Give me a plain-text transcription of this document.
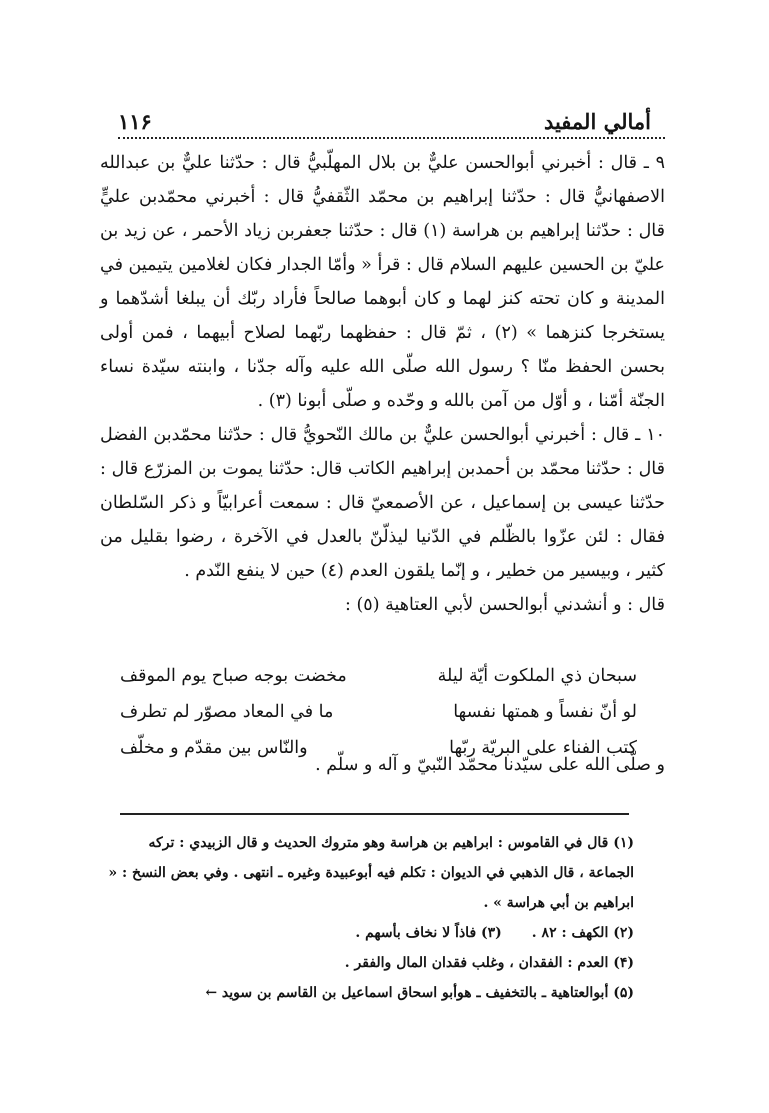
١١۶	أمالي المفيد

٩ ـ قال : أخبرني أبوالحسن عليٌّ بن بلال المهلّبيُّ قال : حدّثنا عليٌّ بن عبدالله الاصفهانيُّ قال : حدّثنا إبراهيم بن محمّد الثّقفيُّ قال : أخبرني محمّدبن عليٍّ قال : حدّثنا إبراهيم بن هراسة (١) قال : حدّثنا جعفربن زياد الأحمر ، عن زيد بن عليّ بن الحسين عليهم السلام قال : قرأ « وأمّا الجدار فكان لغلامين يتيمين في المدينة و كان تحته كنز لهما و كان أبوهما صالحاً فأراد ربّك أن يبلغا أشدّهما و يستخرجا كنزهما » (٢) ، ثمّ قال : حفظهما ربّهما لصلاح أبيهما ، فمن أولى بحسن الحفظ منّا ؟ رسول الله صلّى الله عليه وآله جدّنا ، وابنته سيّدة نساء الجنّة أمّنا ، و أوّل من آمن بالله و وحّده و صلّى أبونا (٣) .

١٠ ـ قال : أخبرني أبوالحسن عليٌّ بن مالك النّحويُّ قال : حدّثنا محمّدبن الفضل قال : حدّثنا محمّد بن أحمدبن إبراهيم الكاتب قال: حدّثنا يموت بن المزرّع قال : حدّثنا عيسى بن إسماعيل ، عن الأصمعيّ قال : سمعت أعرابيّاً و ذكر السّلطان فقال : لئن عزّوا بالظّلم في الدّنيا ليذلّنّ بالعدل في الآخرة ، رضوا بقليل من كثير ، وبيسير من خطير ، و إنّما يلقون العدم (٤) حين لا ينفع النّدم .

قال : و أنشدني أبوالحسن لأبي العتاهية (٥) :

سبحان ذي الملكوت أيّة ليلة
مخضت بوجه صباح يوم الموقف
لو أنّ نفساً و همتها نفسها
ما في المعاد مصوّر لم تطرف
كتب الفناء على البريّة ربّها
والنّاس بين مقدّم و مخلّف
و صلّى الله على سيّدنا محمّد النّبيّ و آله و سلّم .

(١) قال في القاموس : ابراهيم بن هراسة وهو متروك الحديث و قال الزبيدي : تركه الجماعة ، قال الذهبي في الديوان : تكلم فيه أبوعبيدة وغيره ـ انتهى . وفي بعض النسخ : « ابراهيم بن أبي هراسة » .

(٢) الكهف : ٨٢ .
(٣) فاذاً لا نخاف بأسهم .

(۴) العدم : الفقدان ، وغلب فقدان المال والفقر .

(۵) أبوالعتاهية ـ بالتخفيف ـ هوأبو اسحاق اسماعيل بن القاسم بن سويد ←
